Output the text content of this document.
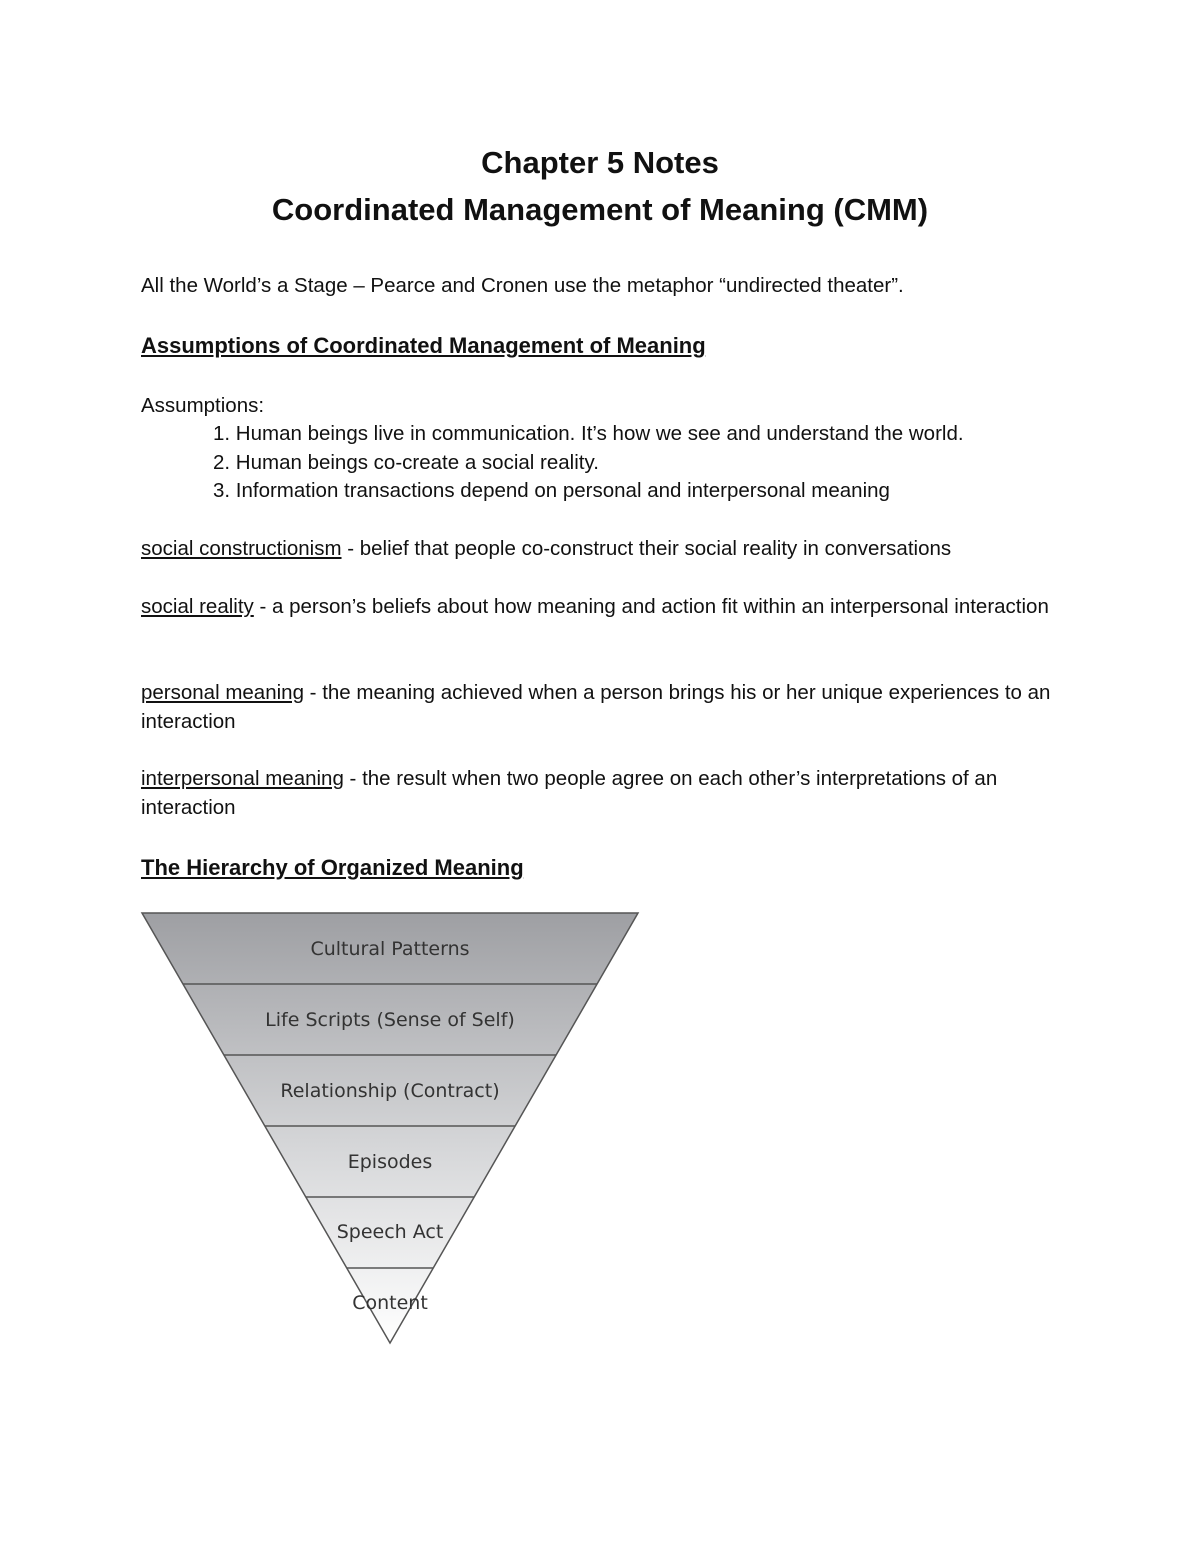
Chapter 5 Notes
Coordinated Management of Meaning (CMM)

All the World’s a Stage – Pearce and Cronen use the metaphor “undirected theater”.

Assumptions of Coordinated Management of Meaning

Assumptions:

1. Human beings live in communication. It’s how we see and understand the world.
2. Human beings co-create a social reality.
3. Information transactions depend on personal and interpersonal meaning

social constructionism - belief that people co-construct their social reality in conversations

social reality - a person’s beliefs about how meaning and action fit within an interpersonal interaction

personal meaning - the meaning achieved when a person brings his or her unique experiences to an interaction

interpersonal meaning - the result when two people agree on each other’s interpretations of an interaction

The Hierarchy of Organized Meaning
Cultural Patterns
Life Scripts (Sense of Self)
Relationship (Contract)
Episodes
Speech Act
Content
